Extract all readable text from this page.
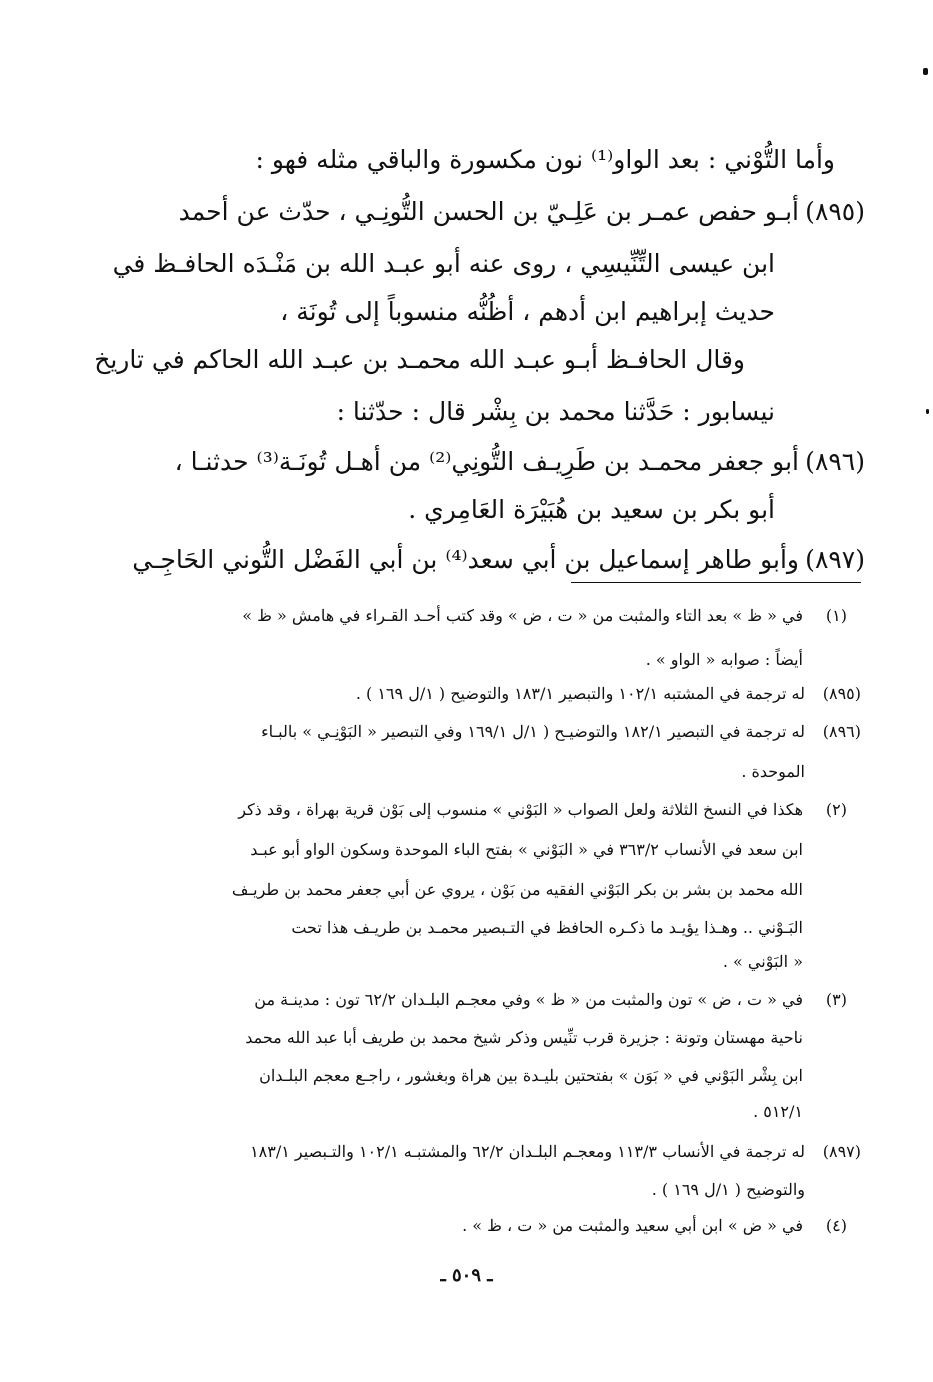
وأما التُّوْني : بعد الواو⁽¹⁾ نون مكسورة والباقي مثله فهو :
(٨٩٥)أبـو حفص عمـر بن عَلِـيّ بن الحسن التُّونِـي ، حدّث عن أحمد
ابن عيسى التِّنِّيسِي ، روى عنه أبو عبـد الله بن مَنْـدَه الحافـظ في
حديث إبراهيم ابن أدهم ، أظُنُّه منسوباً إلى تُونَة ،
وقال الحافـظ أبـو عبـد الله محمـد بن عبـد الله الحاكم في تاريخ
نيسابور : حَدَّثنا محمد بن بِشْر قال : حدّثنا :
(٨٩٦)أبو جعفر محمـد بن طَرِيـف التُّونِي⁽²⁾ من أهـل تُونَـة⁽³⁾ حدثنـا ،
أبو بكر بن سعيد بن هُبَيْرَة العَامِري .
(٨٩٧)وأبو طاهر إسماعيل بن أبي سعد⁽⁴⁾ بن أبي الفَضْل التُّوني الحَاجِـي
(١)في « ظ » بعد التاء والمثبت من « ت ، ض » وقد كتب أحـد القـراء في هامش « ظ »
أيضاً : صوابه « الواو » .
(٨٩٥)له ترجمة في المشتبه ١٠٢/١ والتبصير ١٨٣/١ والتوضيح ( ١/ل ١٦٩ ) .
(٨٩٦)له ترجمة في التبصير ١٨٢/١ والتوضيـح ( ١/ل ١٦٩/١ وفي التبصير « البَوْنِـي » بالبـاء
الموحدة .
(٢)هكذا في النسخ الثلاثة ولعل الصواب « البَوْني » منسوب إلى بَوْن قرية بهراة ، وقد ذكر
ابن سعد في الأنساب ٣٦٣/٢ في « البَوْني » بفتح الباء الموحدة وسكون الواو أبو عبـد
الله محمد بن بشر بن بكر البَوْني الفقيه من بَوْن ، يروي عن أبي جعفر محمد بن طريـف
البَـوْني .. وهـذا يؤيـد ما ذكـره الحافظ في التـبصير محمـد بن طريـف هذا تحت
« البَوْني » .
(٣)في « ت ، ض » تون والمثبت من « ظ » وفي معجـم البلـدان ٦٢/٢ تون : مدينـة من
ناحية مهستان وتونة : جزيرة قرب تنِّيس وذكر شيخ محمد بن طريف أبا عبد الله محمد
ابن بِشْر البَوْني في « بَوَن » بفتحتين بليـدة بين هراة وبغشور ، راجـع معجم البلـدان
٥١٢/١ .
(٨٩٧)له ترجمة في الأنساب ١١٣/٣ ومعجـم البلـدان ٦٢/٢ والمشتبـه ١٠٢/١ والتـبصير ١٨٣/١
والتوضيح ( ١/ل ١٦٩ ) .
(٤)في « ض » ابن أبي سعيد والمثبت من « ت ، ظ » .
ـ ٥٠٩ ـ
